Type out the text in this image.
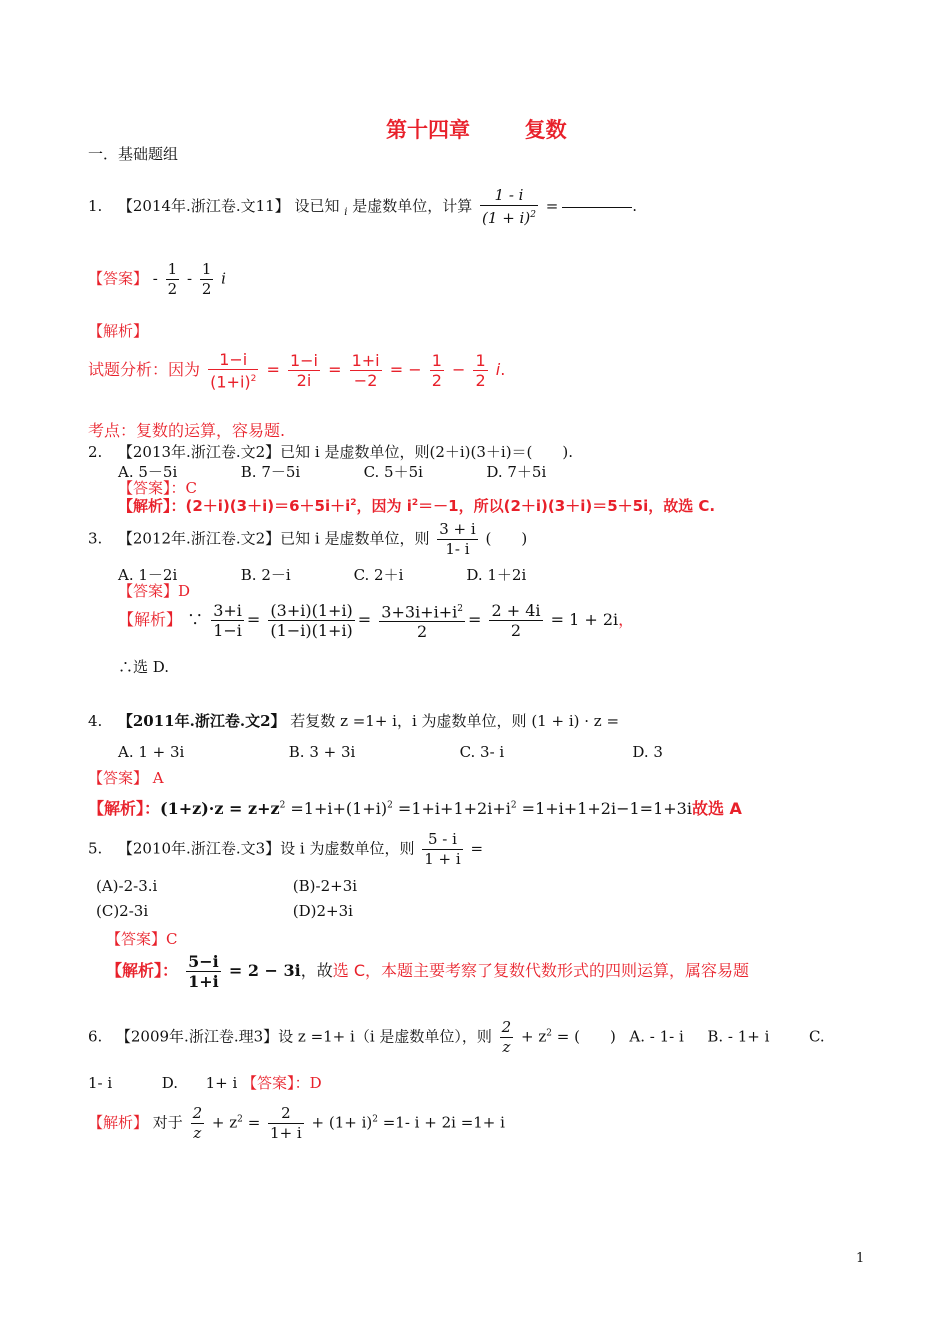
第十四章	复数
一．基础题组
1. 【2014年.浙江卷.文11】 设已知 $_i$ 是虚数单位，计算 $\frac{1 - i}{(1 + i)^2}$ =	.
【答案】 - $\frac{1}{2} - \frac{1}{2}$ i
【解析】
试题分析：因为 $\frac{1-i}{(1+i)^2} = \frac{1-i}{2i} = \frac{1+i}{-2}$ = − $\frac{1}{2} - \frac{1}{2} i$.
考点：复数的运算，容易题.
2. 【2013年.浙江卷.文2】已知 i 是虚数单位，则(2＋i)(3＋i)＝(　　).
A. 5－5i	B. 7－5i	C. 5＋5i	D. 7＋5i
【答案】：C
【解析】：$(2+i)(3+i)=6+5i+i^2$，因为 $i^2=-1$，所以(2＋i)(3＋i)＝5＋5i，故选 C.
3. 【2012年.浙江卷.文2】已知 i 是虚数单位，则 $\frac{3 + i}{1- i}$ (　　)
A. 1－2i	B. 2－i	C. 2＋i	D. 1＋2i
【答案】D
【解析】 ∵ $\frac{3+i}{1-i} = \frac{(3+i)(1+i)}{(1-i)(1+i)} = \frac{3+3i+i+i^2}{2} = \frac{2 + 4i}{2} = 1 + 2i$，
∴选 D.
4. 【2011年.浙江卷.文2】 若复数 z =1+ i，i 为虚数单位，则 (1 + i) · z =
A. 1 + 3i	B. 3 + 3i	C. 3- i	D. 3
【答案】 A
【解析】：$(1+z)\cdot z = z+z^2 =1+i+(1+i)^2 =1+i+1+2i+i^2 =1+i+1+2i-1=1+3i$故选 A
5. 【2010年.浙江卷.文3】设 i 为虚数单位，则 $\frac{5 - i}{1 + i}$ =
(A)-2-3.i	(B)-2+3i
(C)2-3i	(D)2+3i
【答案】C
【解析】： $\frac{5-i}{1+i} = 2 - 3i$，故选 C，本题主要考察了复数代数形式的四则运算，属容易题
6. 【2009年.浙江卷.理3】设 z =1+ i（i 是虚数单位），则 $\frac{2}{z} + z^2$ = (　　) A. - 1- i B. - 1+ i	C.
1- i	D. 1+ i 【答案】：D
【解析】 对于 $\frac{2}{z} + z^2 = \frac{2}{1+ i} + (1+ i)^2 =1-$ i + 2i =1+ i
1
